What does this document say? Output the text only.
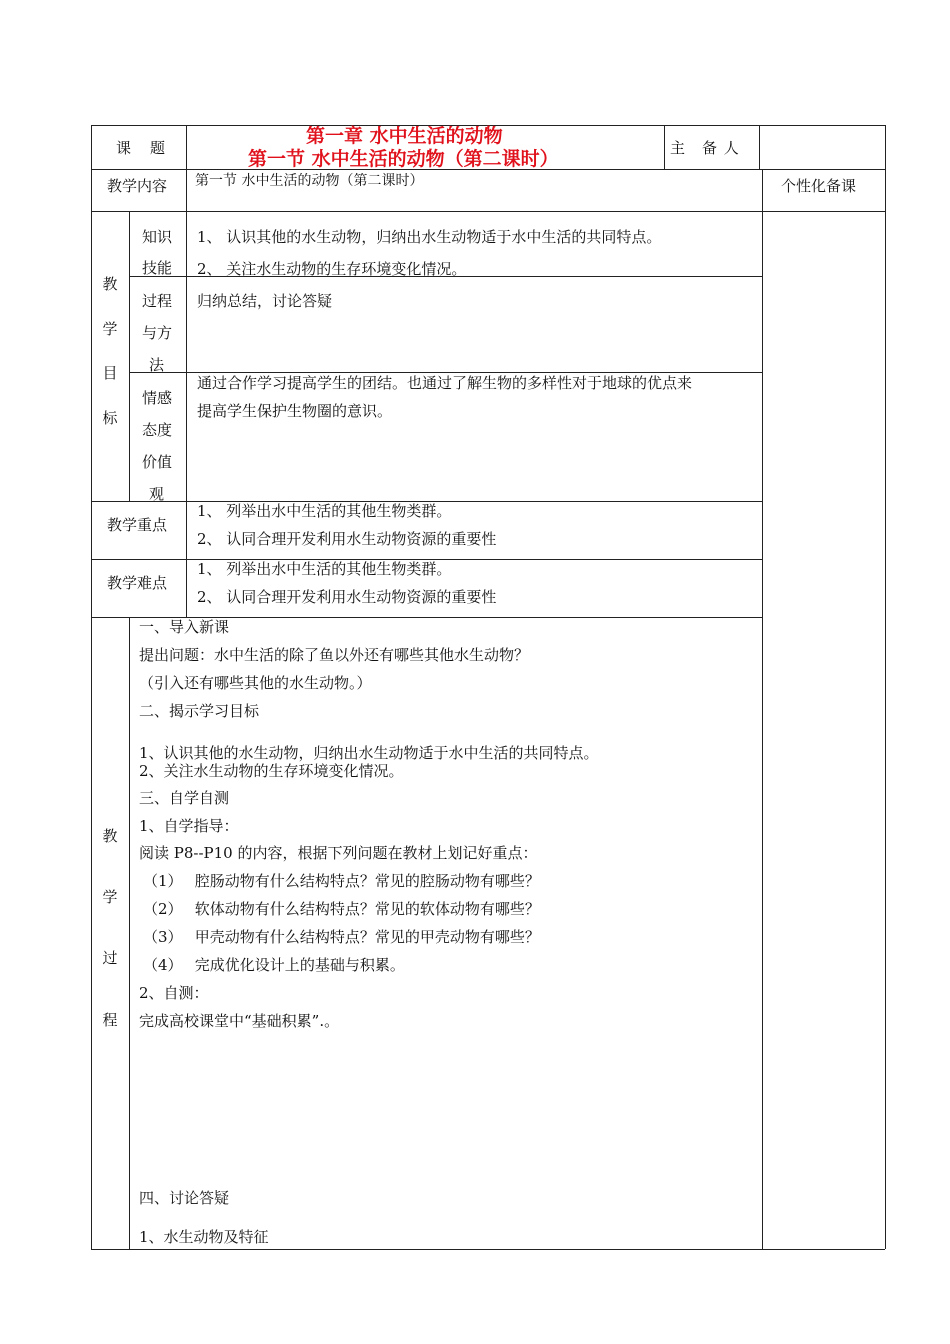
课　题
第一章 水中生活的动物
第一节 水中生活的动物（第二课时）	主　备 人
教学内容 第一节 水中生活的动物（第二课时）	个性化备课
教
学
目
标
知识
技能
1、 认识其他的水生动物，归纳出水生动物适于水中生活的共同特点。
2、 关注水生动物的生存环境变化情况。
过程
与方
法
归纳总结，讨论答疑
情感
态度
价值
观
通过合作学习提高学生的团结。也通过了解生物的多样性对于地球的优点来
提高学生保护生物圈的意识。
教学重点
1、 列举出水中生活的其他生物类群。
2、 认同合理开发利用水生动物资源的重要性
教学难点
1、 列举出水中生活的其他生物类群。
2、 认同合理开发利用水生动物资源的重要性
教
学
过
程
一、导入新课
提出问题：水中生活的除了鱼以外还有哪些其他水生动物？
（引入还有哪些其他的水生动物。）
二、揭示学习目标
1、认识其他的水生动物，归纳出水生动物适于水中生活的共同特点。
2、关注水生动物的生存环境变化情况。
三、自学自测
1、自学指导：
阅读 P8--P10 的内容，根据下列问题在教材上划记好重点：
（1）　 腔肠动物有什么结构特点？常见的腔肠动物有哪些？
（2）　 软体动物有什么结构特点？常见的软体动物有哪些？
（3）　 甲壳动物有什么结构特点？常见的甲壳动物有哪些？
（4）　 完成优化设计上的基础与积累。
2、自测：
完成高校课堂中“基础积累”.。
四、讨论答疑
1、水生动物及特征
